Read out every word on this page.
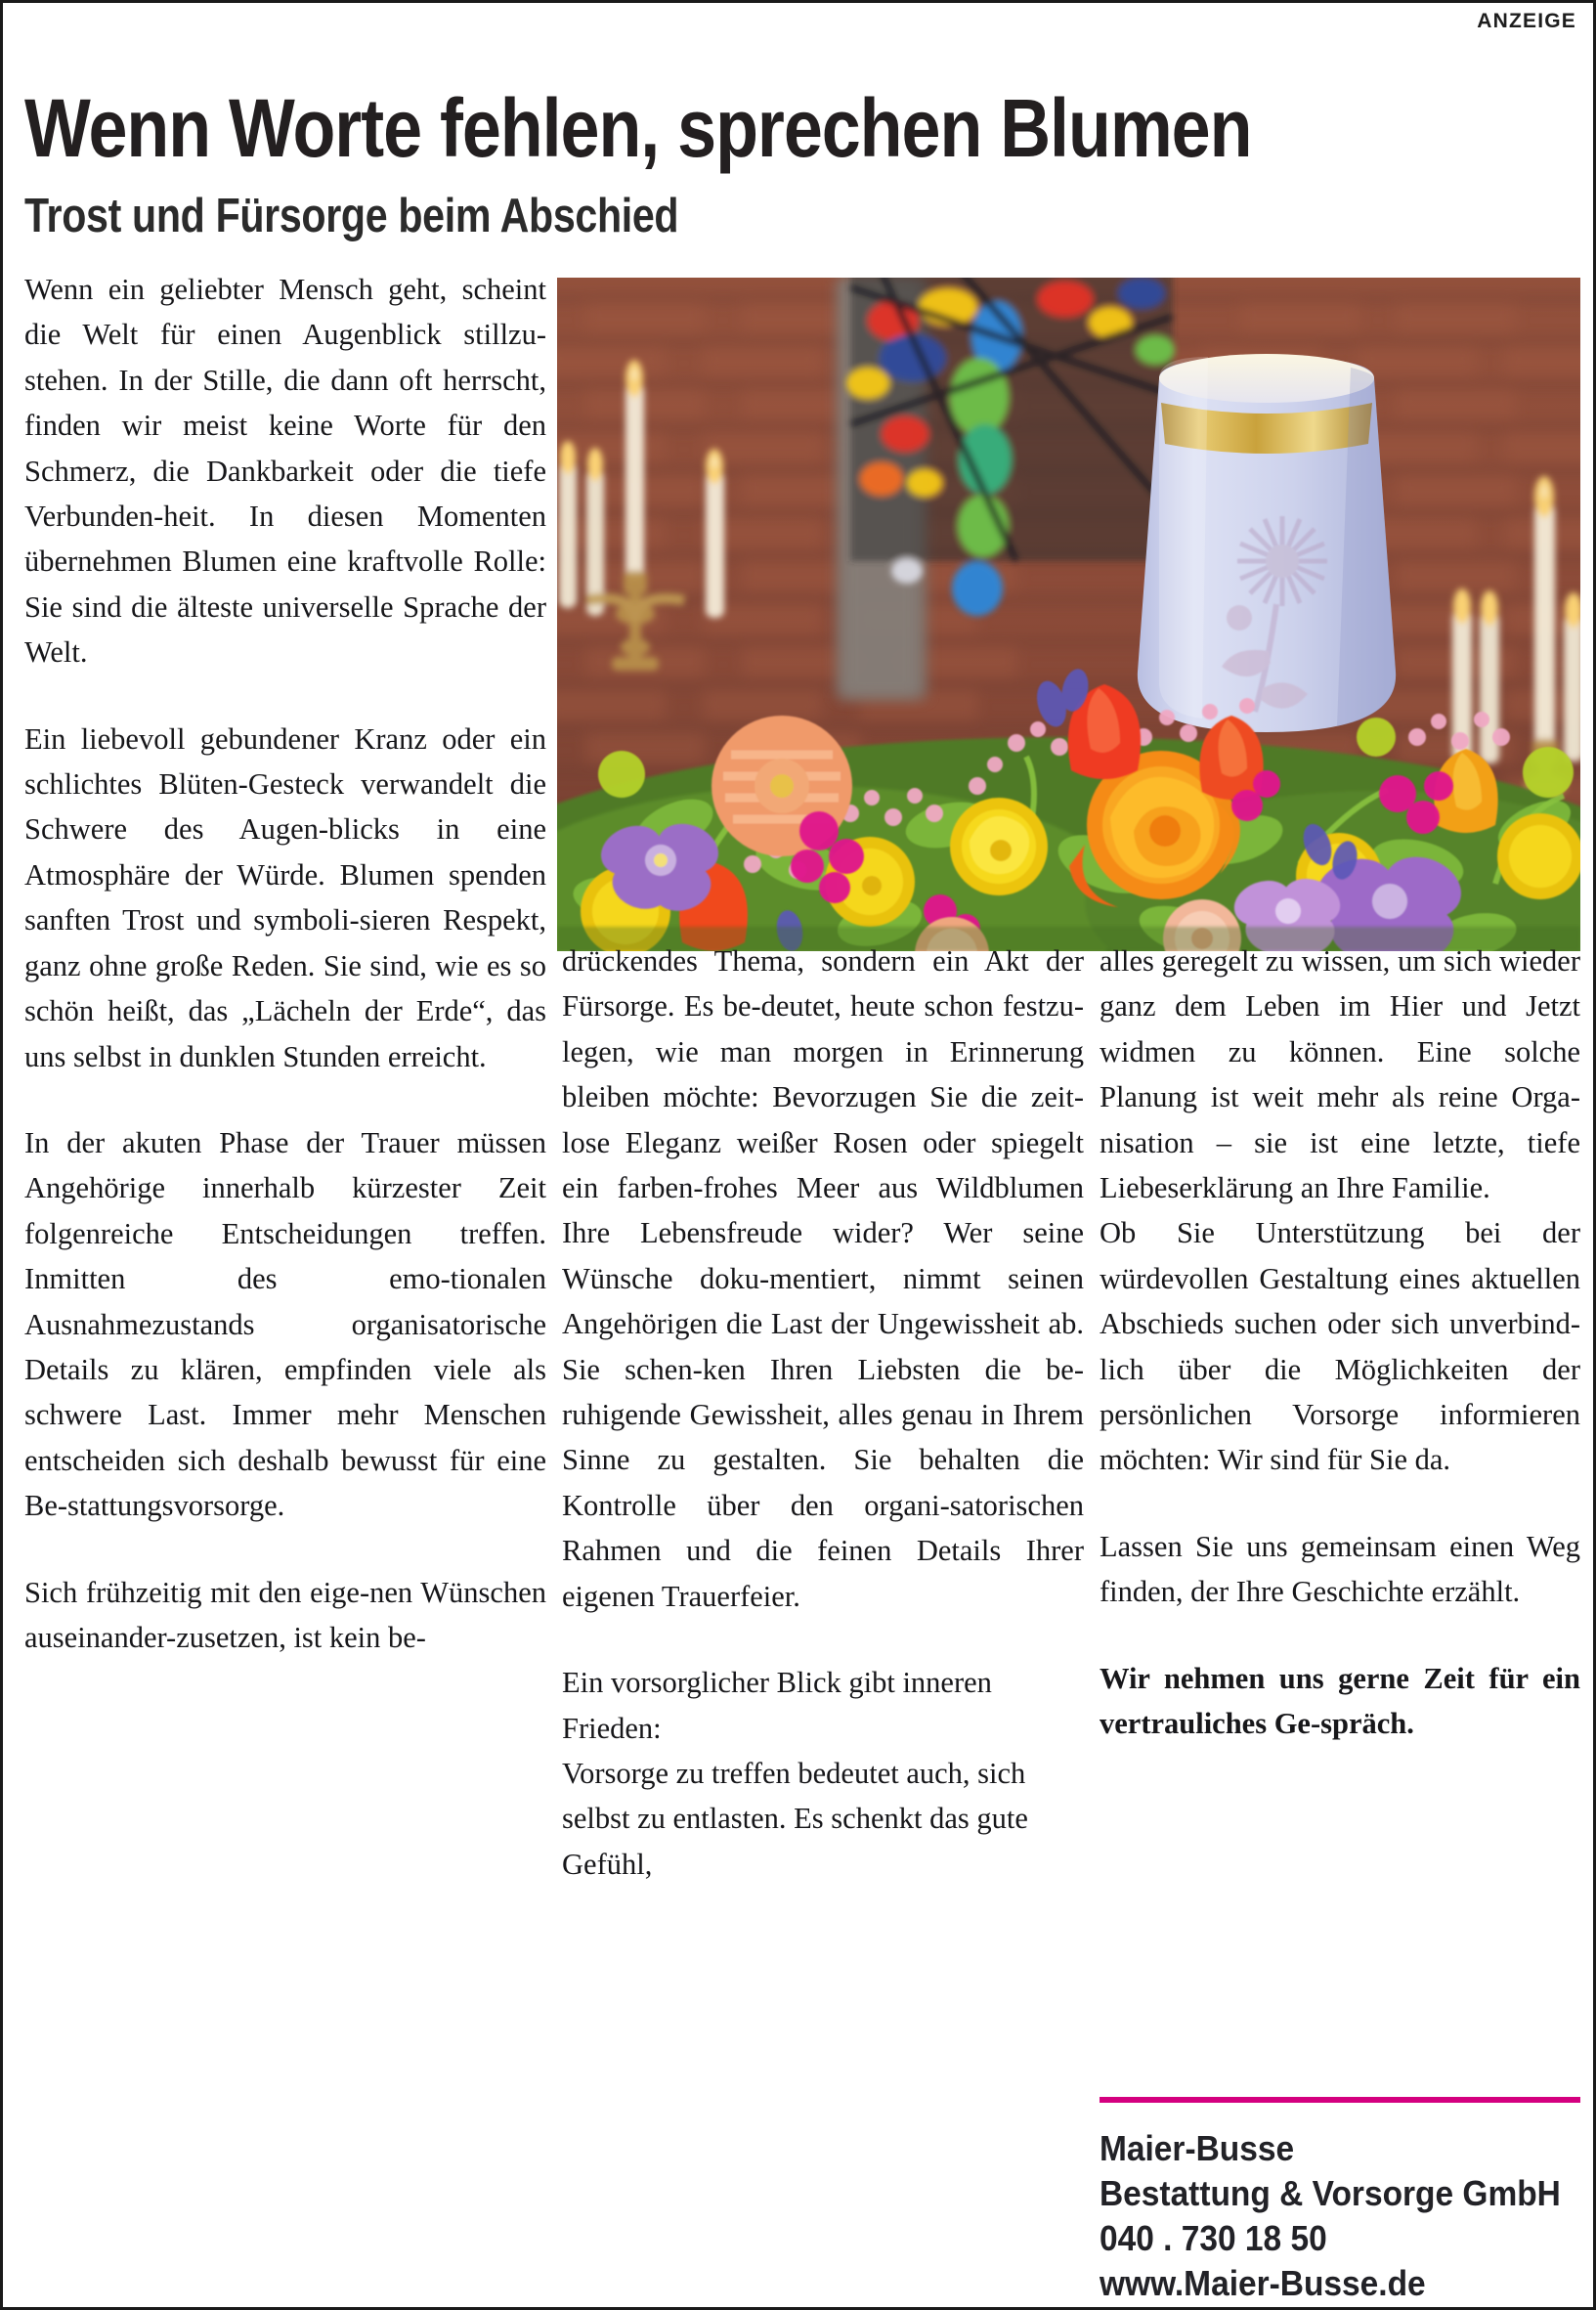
ANZEIGE
Wenn Worte fehlen, sprechen Blumen
Trost und Fürsorge beim Abschied

Wenn ein geliebter Mensch geht, scheint die Welt für einen Augenblick stillzu-stehen. In der Stille, die dann oft herrscht, finden wir meist keine Worte für den Schmerz, die Dankbarkeit oder die tiefe Verbunden-heit. In diesen Momenten übernehmen Blumen eine kraftvolle Rolle: Sie sind die älteste universelle Sprache der Welt.

Ein liebevoll gebundener Kranz oder ein schlichtes Blüten-Gesteck verwandelt die Schwere des Augen-blicks in eine Atmosphäre der Würde. Blumen spenden sanften Trost und symboli-sieren Respekt, ganz ohne große Reden. Sie sind, wie es so schön heißt, das „Lächeln der Erde“, das uns selbst in dunklen Stunden erreicht.

In der akuten Phase der Trauer müssen Angehörige innerhalb kürzester Zeit folgenreiche Entscheidungen treffen. Inmitten des emo-tionalen Ausnahmezustands organisatorische Details zu klären, empfinden viele als schwere Last. Immer mehr Menschen entscheiden sich deshalb bewusst für eine Be-stattungsvorsorge.

Sich frühzeitig mit den eige-nen Wünschen auseinander-zusetzen, ist kein be-

drückendes Thema, sondern ein Akt der Fürsorge. Es be-deutet, heute schon festzu-legen, wie man morgen in Erinnerung bleiben möchte: Bevorzugen Sie die zeit-lose Eleganz weißer Rosen oder spiegelt ein farben-frohes Meer aus Wildblumen Ihre Lebensfreude wider? Wer seine Wünsche doku-mentiert, nimmt seinen Angehörigen die Last der Ungewissheit ab. Sie schen-ken Ihren Liebsten die be-ruhigende Gewissheit, alles genau in Ihrem Sinne zu gestalten. Sie behalten die Kontrolle über den organi-satorischen Rahmen und die feinen Details Ihrer eigenen Trauerfeier.

Ein vorsorglicher Blick gibt inneren Frieden:

Vorsorge zu treffen bedeutet auch, sich selbst zu entlasten. Es schenkt das gute Gefühl,

alles geregelt zu wissen, um sich wieder ganz dem Leben im Hier und Jetzt widmen zu können. Eine solche Planung ist weit mehr als reine Orga-nisation – sie ist eine letzte, tiefe Liebeserklärung an Ihre Familie.

Ob Sie Unterstützung bei der würdevollen Gestaltung eines aktuellen Abschieds suchen oder sich unverbind-lich über die Möglichkeiten der persönlichen Vorsorge informieren möchten: Wir sind für Sie da.

Lassen Sie uns gemeinsam einen Weg finden, der Ihre Geschichte erzählt.

Wir nehmen uns gerne Zeit für ein vertrauliches Ge-spräch.

Maier-Busse
Bestattung & Vorsorge GmbH
040 . 730 18 50
www.Maier-Busse.de
